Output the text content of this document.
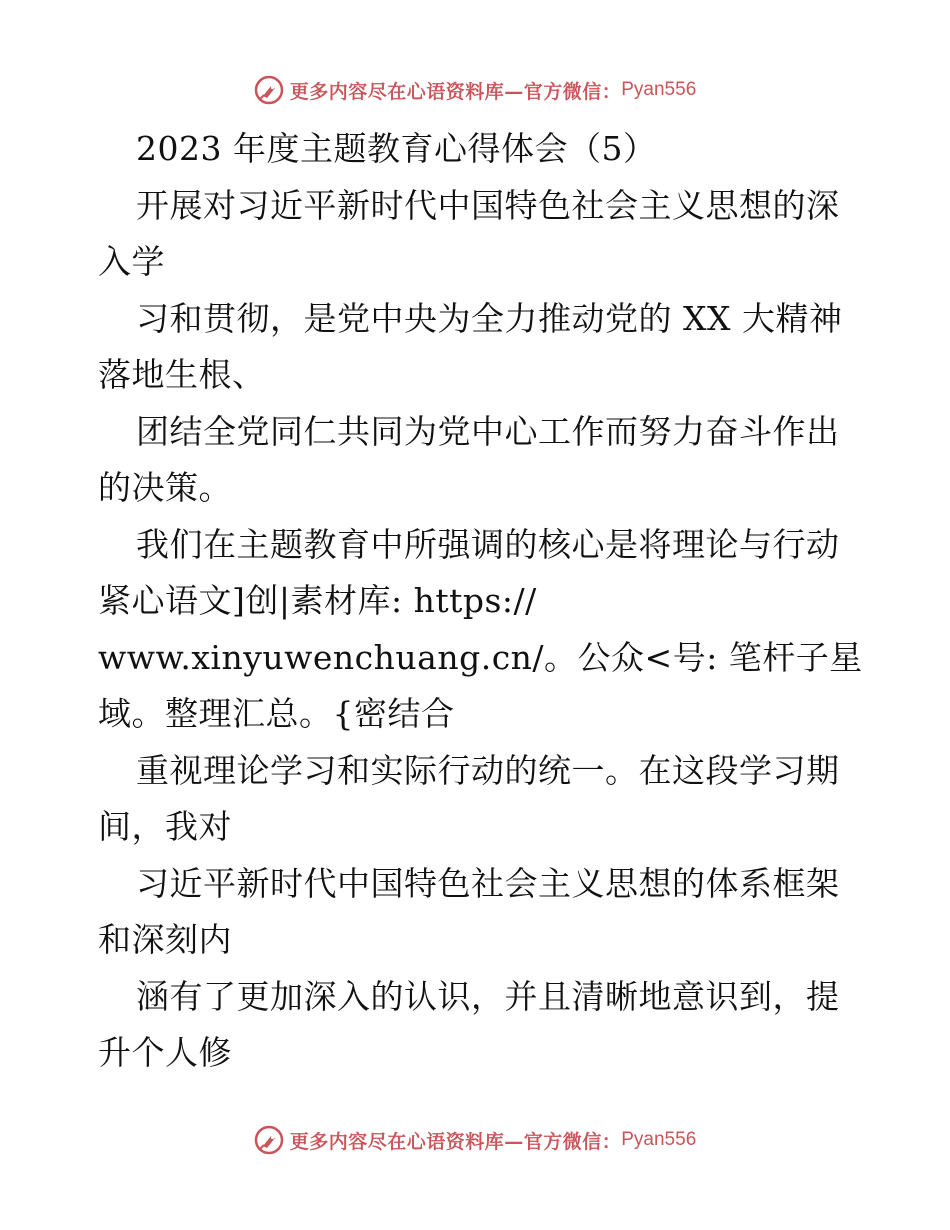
更多内容尽在心语资料库—官方微信： Pyan556
2023 年度主题教育心得体会（5）
开展对习近平新时代中国特色社会主义思想的深
入学
习和贯彻，是党中央为全力推动党的 XX 大精神
落地生根、
团结全党同仁共同为党中心工作而努力奋斗作出
的决策。
我们在主题教育中所强调的核心是将理论与行动
紧心语文]创|素材库: https://
www.xinyuwenchuang.cn/。公众<号: 笔杆子星
域。整理汇总。{密结合
重视理论学习和实际行动的统一。在这段学习期
间，我对
习近平新时代中国特色社会主义思想的体系框架
和深刻内
涵有了更加深入的认识，并且清晰地意识到，提
升个人修
更多内容尽在心语资料库—官方微信： Pyan556
